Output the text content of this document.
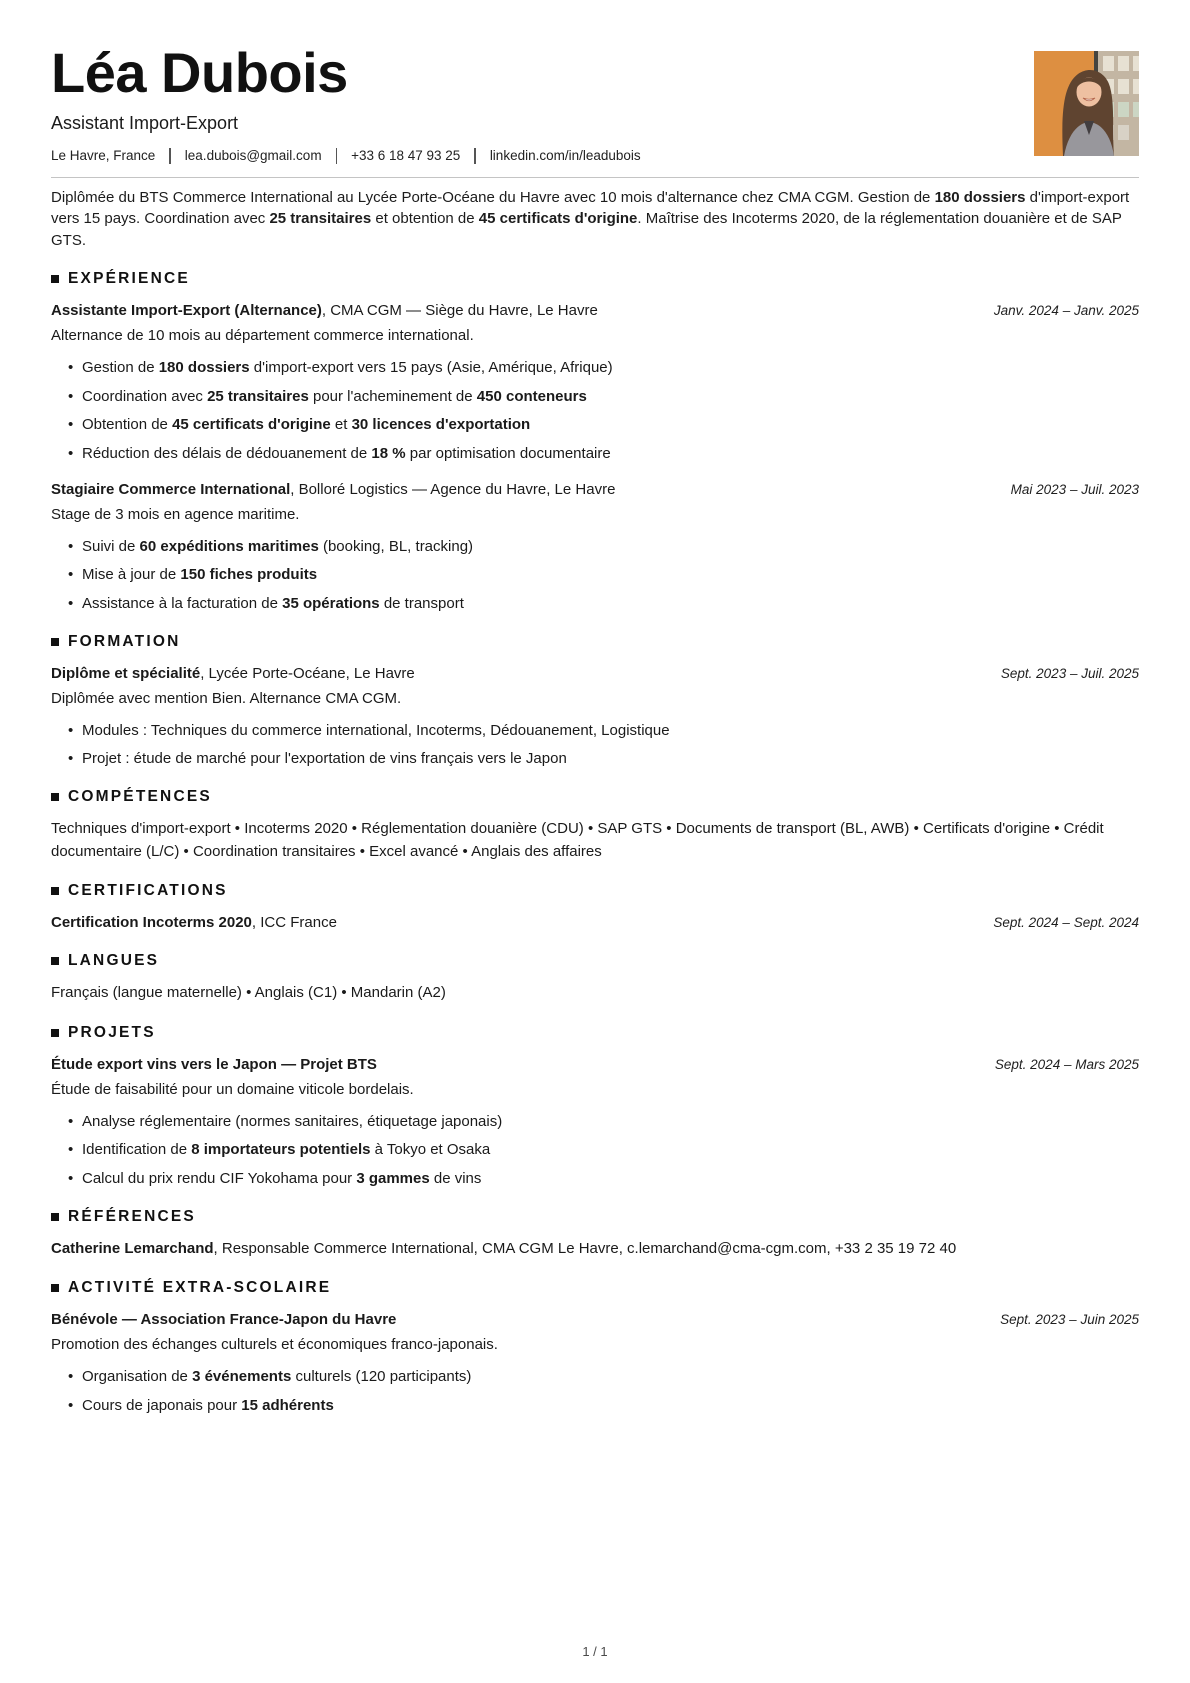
Léa Dubois
Assistant Import-Export
Le Havre, France lea.dubois@gmail.com +33 6 18 47 93 25 linkedin.com/in/leadubois

Diplômée du BTS Commerce International au Lycée Porte-Océane du Havre avec 10 mois d'alternance chez CMA CGM. Gestion de 180 dossiers d'import-export vers 15 pays. Coordination avec 25 transitaires et obtention de 45 certificats d'origine. Maîtrise des Incoterms 2020, de la réglementation douanière et de SAP GTS.

EXPÉRIENCE
Assistante Import-Export (Alternance), CMA CGM — Siège du Havre, Le Havre	Janv. 2024 – Janv. 2025
Alternance de 10 mois au département commerce international.
• Gestion de 180 dossiers d'import-export vers 15 pays (Asie, Amérique, Afrique)
• Coordination avec 25 transitaires pour l'acheminement de 450 conteneurs
• Obtention de 45 certificats d'origine et 30 licences d'exportation
• Réduction des délais de dédouanement de 18 % par optimisation documentaire
Stagiaire Commerce International, Bolloré Logistics — Agence du Havre, Le Havre	Mai 2023 – Juil. 2023
Stage de 3 mois en agence maritime.
• Suivi de 60 expéditions maritimes (booking, BL, tracking)
• Mise à jour de 150 fiches produits
• Assistance à la facturation de 35 opérations de transport
FORMATION
Diplôme et spécialité, Lycée Porte-Océane, Le Havre	Sept. 2023 – Juil. 2025
Diplômée avec mention Bien. Alternance CMA CGM.
• Modules : Techniques du commerce international, Incoterms, Dédouanement, Logistique
• Projet : étude de marché pour l'exportation de vins français vers le Japon
COMPÉTENCES

Techniques d'import-export • Incoterms 2020 • Réglementation douanière (CDU) • SAP GTS • Documents de transport (BL, AWB) • Certificats d'origine • Crédit documentaire (L/C) • Coordination transitaires • Excel avancé • Anglais des affaires

CERTIFICATIONS
Certification Incoterms 2020, ICC France	Sept. 2024 – Sept. 2024
LANGUES

Français (langue maternelle) • Anglais (C1) • Mandarin (A2)

PROJETS
Étude export vins vers le Japon — Projet BTS	Sept. 2024 – Mars 2025
Étude de faisabilité pour un domaine viticole bordelais.
• Analyse réglementaire (normes sanitaires, étiquetage japonais)
• Identification de 8 importateurs potentiels à Tokyo et Osaka
• Calcul du prix rendu CIF Yokohama pour 3 gammes de vins
RÉFÉRENCES

Catherine Lemarchand, Responsable Commerce International, CMA CGM Le Havre, c.lemarchand@cma-cgm.com, +33 2 35 19 72 40

ACTIVITÉ EXTRA-SCOLAIRE
Bénévole — Association France-Japon du Havre	Sept. 2023 – Juin 2025
Promotion des échanges culturels et économiques franco-japonais.
• Organisation de 3 événements culturels (120 participants)
• Cours de japonais pour 15 adhérents
1 / 1
